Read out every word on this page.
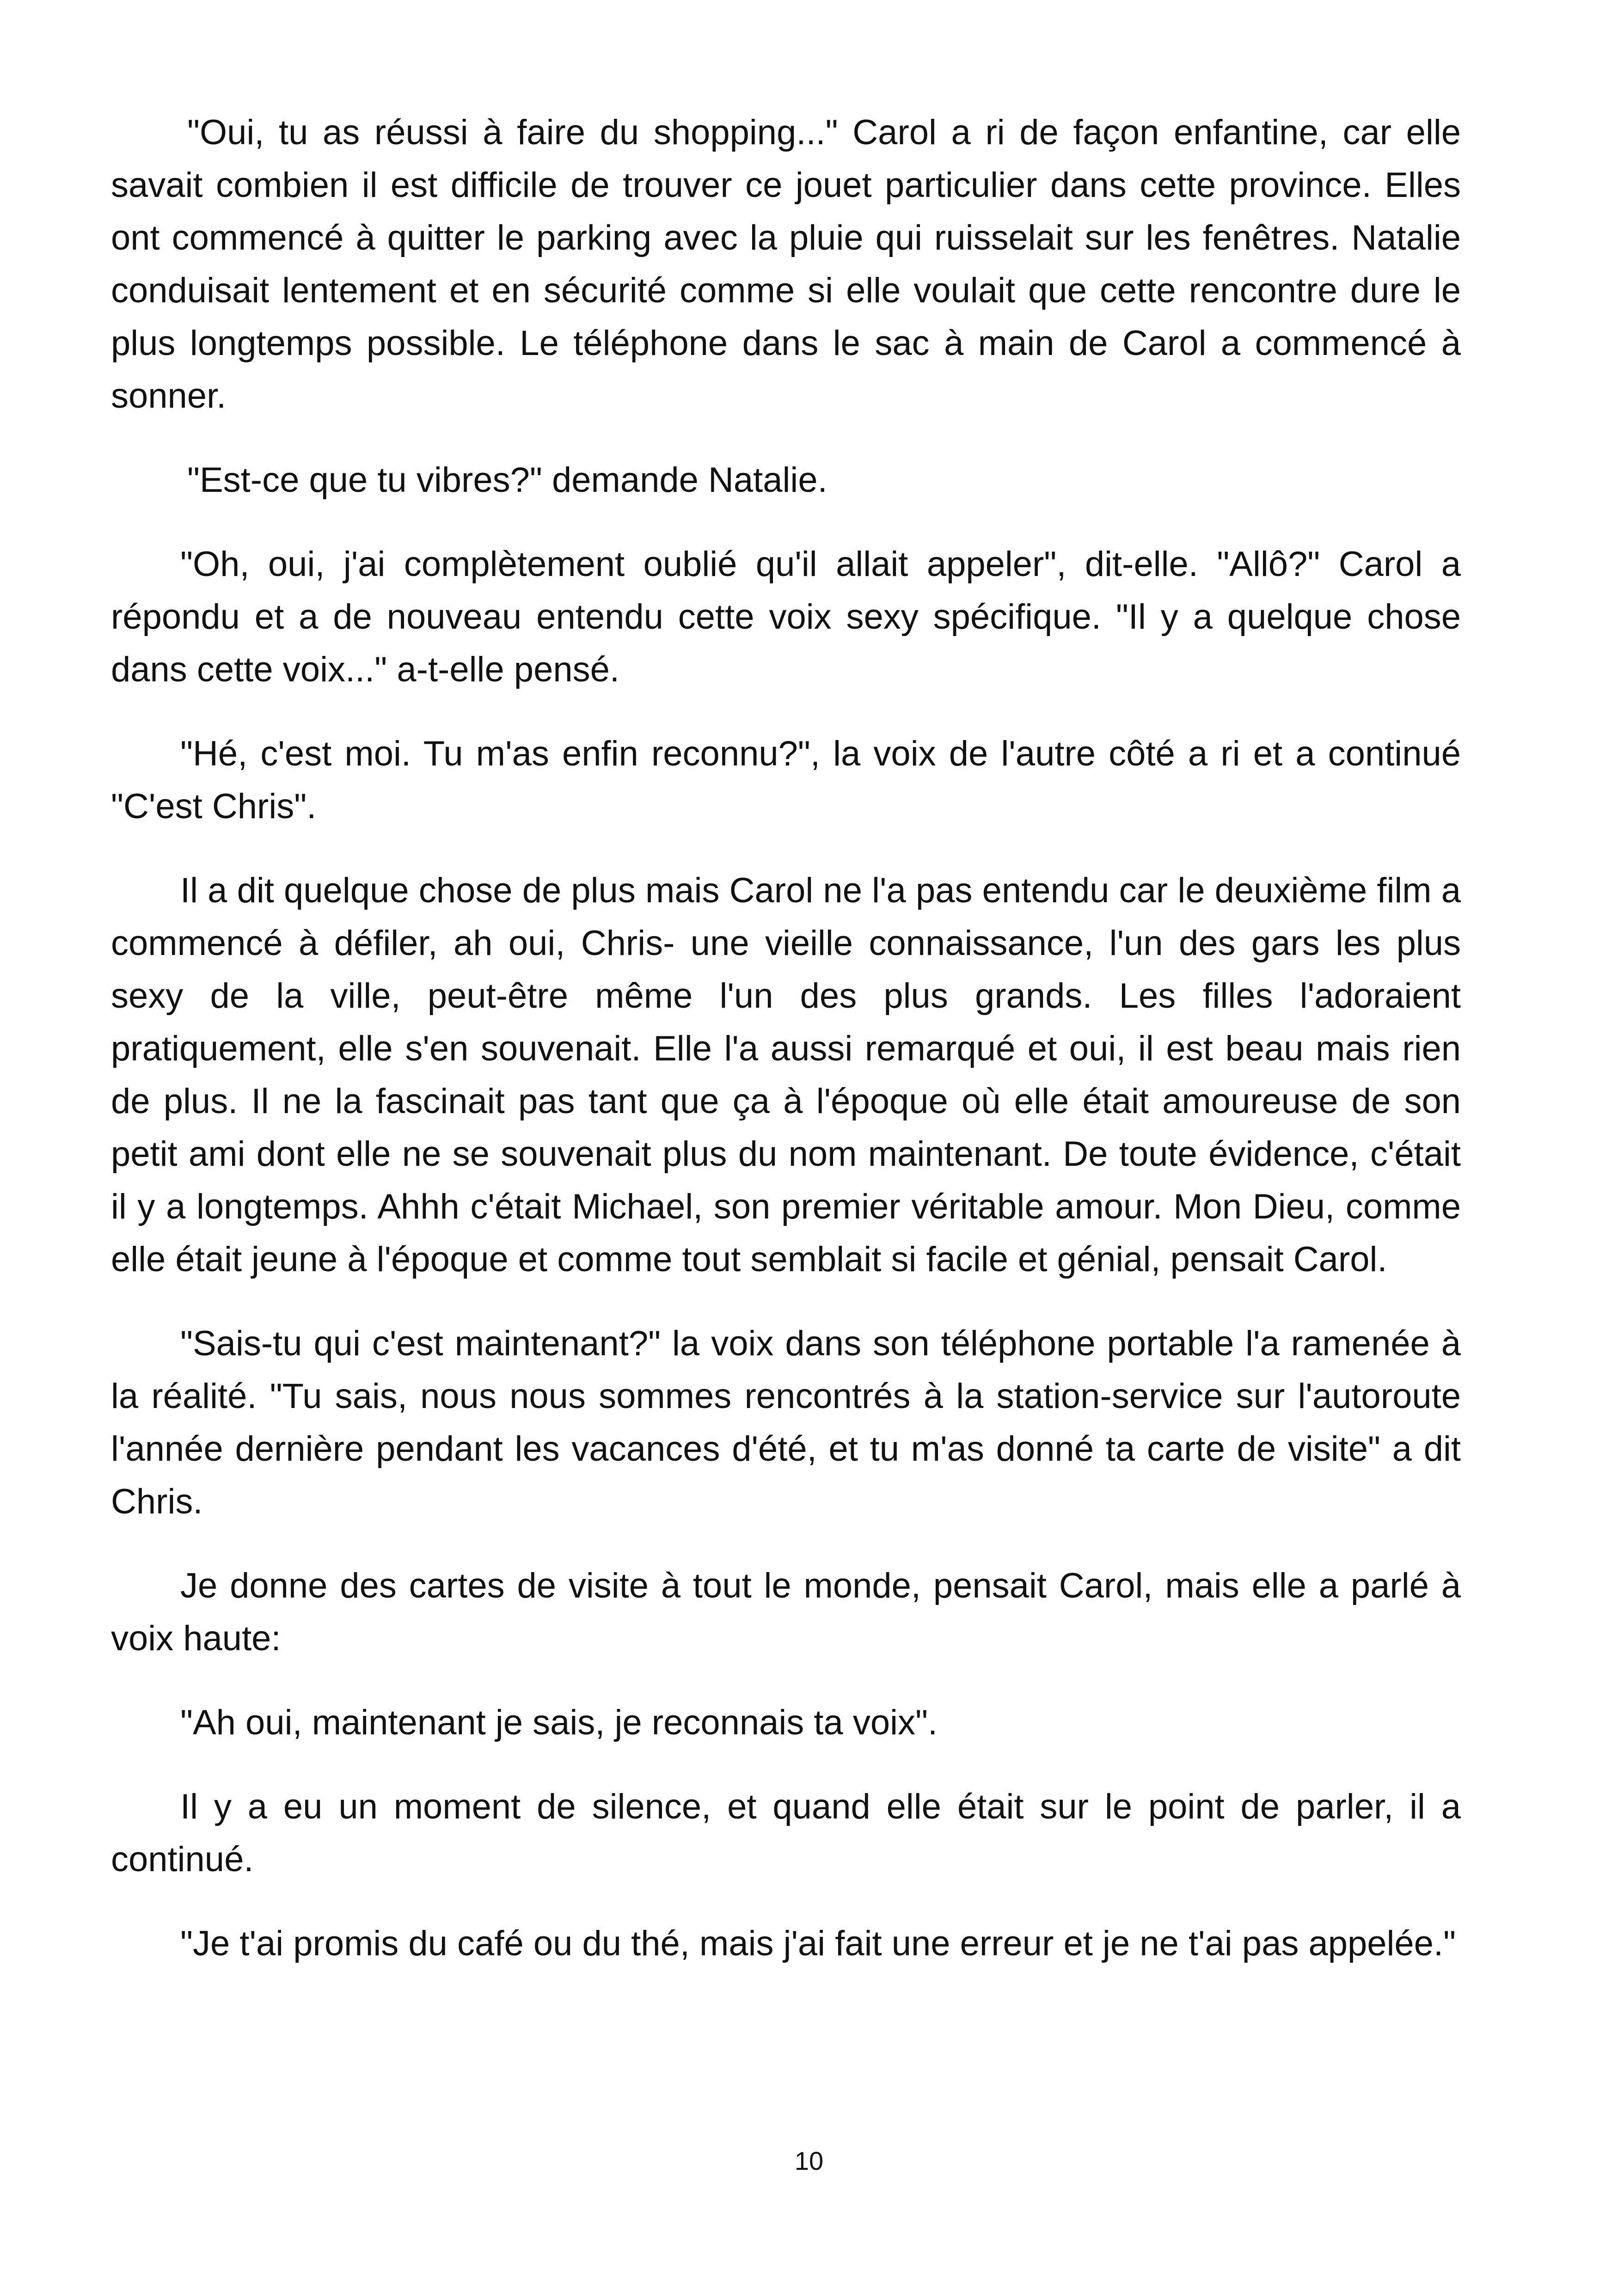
"Oui, tu as réussi à faire du shopping..." Carol a ri de façon enfantine, car elle savait combien il est difficile de trouver ce jouet particulier dans cette province. Elles ont commencé à quitter le parking avec la pluie qui ruisselait sur les fenêtres. Natalie conduisait lentement et en sécurité comme si elle voulait que cette rencontre dure le plus longtemps possible. Le téléphone dans le sac à main de Carol a commencé à sonner.

"Est-ce que tu vibres?" demande Natalie.

"Oh, oui, j'ai complètement oublié qu'il allait appeler", dit-elle. "Allô?" Carol a répondu et a de nouveau entendu cette voix sexy spécifique. "Il y a quelque chose dans cette voix..." a-t-elle pensé.

"Hé, c'est moi. Tu m'as enfin reconnu?", la voix de l'autre côté a ri et a continué "C'est Chris".

Il a dit quelque chose de plus mais Carol ne l'a pas entendu car le deuxième film a commencé à défiler, ah oui, Chris- une vieille connaissance, l'un des gars les plus sexy de la ville, peut-être même l'un des plus grands. Les filles l'adoraient pratiquement, elle s'en souvenait. Elle l'a aussi remarqué et oui, il est beau mais rien de plus. Il ne la fascinait pas tant que ça à l'époque où elle était amoureuse de son petit ami dont elle ne se souvenait plus du nom maintenant. De toute évidence, c'était il y a longtemps. Ahhh c'était Michael, son premier véritable amour. Mon Dieu, comme elle était jeune à l'époque et comme tout semblait si facile et génial, pensait Carol.

"Sais-tu qui c'est maintenant?" la voix dans son téléphone portable l'a ramenée à la réalité. "Tu sais, nous nous sommes rencontrés à la station-service sur l'autoroute l'année dernière pendant les vacances d'été, et tu m'as donné ta carte de visite" a dit Chris.

Je donne des cartes de visite à tout le monde, pensait Carol, mais elle a parlé à voix haute:

"Ah oui, maintenant je sais, je reconnais ta voix".

Il y a eu un moment de silence, et quand elle était sur le point de parler, il a continué.

"Je t'ai promis du café ou du thé, mais j'ai fait une erreur et je ne t'ai pas appelée."

10
